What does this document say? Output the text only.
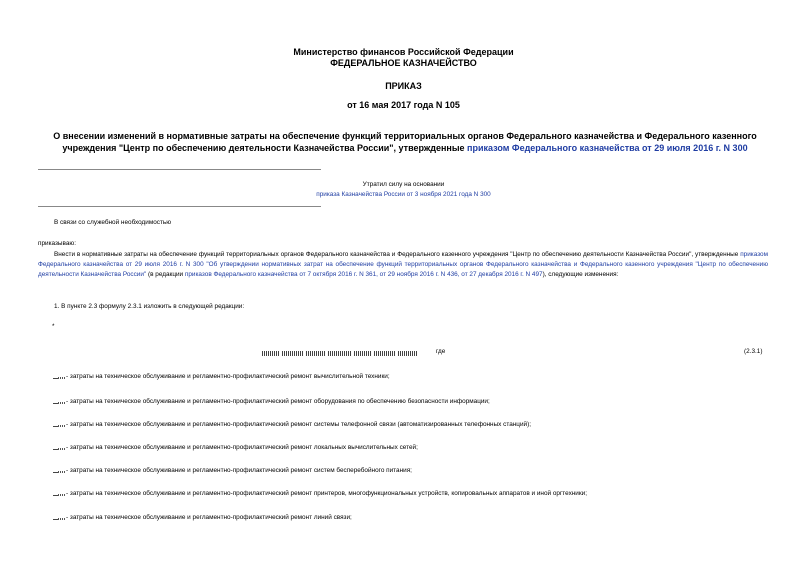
Министерство финансов Российской Федерации
ФЕДЕРАЛЬНОЕ КАЗНАЧЕЙСТВО
ПРИКАЗ
от 16 мая 2017 года N 105
О внесении изменений в нормативные затраты на обеспечение функций территориальных органов Федерального казначейства и Федерального казенного учреждения "Центр по обеспечению деятельности Казначейства России", утвержденные приказом Федерального казначейства от 29 июля 2016 г. N 300
Утратил силу на основании
приказа Казначейства России от 3 ноября 2021 года N 300
В связи со служебной необходимостью
приказываю:
Внести в нормативные затраты на обеспечение функций территориальных органов Федерального казначейства и Федерального казенного учреждения "Центр по обеспечению деятельности Казначейства России", утвержденные приказом Федерального казначейства от 29 июля 2016 г. N 300 "Об утверждении нормативных затрат на обеспечение функций территориальных органов Федерального казначейства и Федерального казенного учреждения "Центр по обеспечению деятельности Казначейства России" (в редакции приказов Федерального казначейства от 7 октября 2016 г. N 361, от 29 ноября 2016 г. N 436, от 27 декабря 2016 г. N 497), следующие изменения:
1. В пункте 2.3 формулу 2.3.1 изложить в следующей редакции:
*
где	(2.3.1)
- затраты на техническое обслуживание и регламентно-профилактический ремонт вычислительной техники;
- затраты на техническое обслуживание и регламентно-профилактический ремонт оборудования по обеспечению безопасности информации;
- затраты на техническое обслуживание и регламентно-профилактический ремонт системы телефонной связи (автоматизированных телефонных станций);
- затраты на техническое обслуживание и регламентно-профилактический ремонт локальных вычислительных сетей;
- затраты на техническое обслуживание и регламентно-профилактический ремонт систем бесперебойного питания;
- затраты на техническое обслуживание и регламентно-профилактический ремонт принтеров, многофункциональных устройств, копировальных аппаратов и иной оргтехники;
- затраты на техническое обслуживание и регламентно-профилактический ремонт линий связи;
